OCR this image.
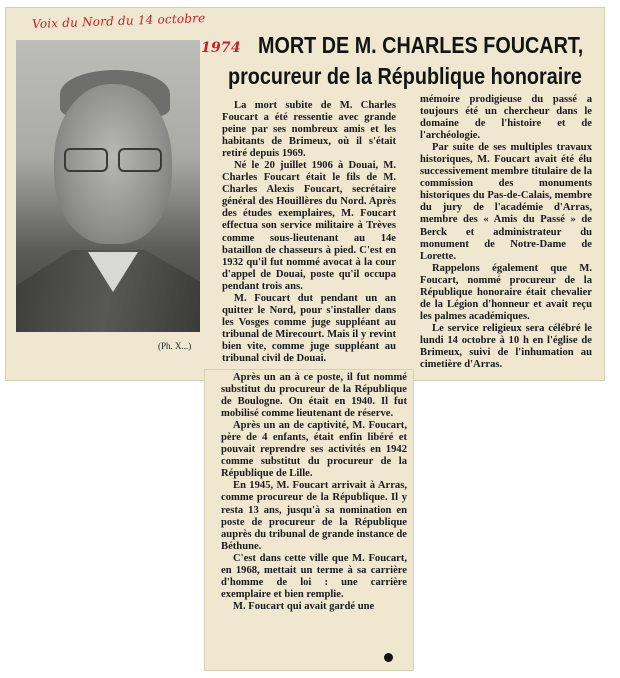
Voix du Nord du 14 octobre
1974 MORT DE M. CHARLES FOUCART,
procureur de la République honoraire
(Ph. X...)

La mort subite de M. Charles Foucart a été ressentie avec grande peine par ses nombreux amis et les habitants de Brimeux, où il s'était retiré depuis 1969.

Né le 20 juillet 1906 à Douai, M. Charles Foucart était le fils de M. Charles Alexis Foucart, secrétaire général des Houillères du Nord. Après des études exemplaires, M. Foucart effectua son service militaire à Trèves comme sous-lieutenant au 14e bataillon de chasseurs à pied. C'est en 1932 qu'il fut nommé avocat à la cour d'appel de Douai, poste qu'il occupa pendant trois ans.

M. Foucart dut pendant un an quitter le Nord, pour s'installer dans les Vosges comme juge suppléant au tribunal de Mirecourt. Mais il y revint bien vite, comme juge suppléant au tribunal civil de Douai.

Après un an à ce poste, il fut nommé substitut du procureur de la République de Boulogne. On était en 1940. Il fut mobilisé comme lieutenant de réserve.

Après un an de captivité, M. Foucart, père de 4 enfants, était enfin libéré et pouvait reprendre ses activités en 1942 comme substitut du procureur de la République de Lille.

En 1945, M. Foucart arrivait à Arras, comme procureur de la République. Il y resta 13 ans, jusqu'à sa nomination en poste de procureur de la République auprès du tribunal de grande instance de Béthune.

C'est dans cette ville que M. Foucart, en 1968, mettait un terme à sa carrière d'homme de loi : une carrière exemplaire et bien remplie.

M. Foucart qui avait gardé une

mémoire prodigieuse du passé a toujours été un chercheur dans le domaine de l'histoire et de l'archéologie.

Par suite de ses multiples travaux historiques, M. Foucart avait été élu successivement membre titulaire de la commission des monuments historiques du Pas-de-Calais, membre du jury de l'académie d'Arras, membre des « Amis du Passé » de Berck et administrateur du monument de Notre-Dame de Lorette.

Rappelons également que M. Foucart, nommé procureur de la République honoraire était chevalier de la Légion d'honneur et avait reçu les palmes académiques.

Le service religieux sera célébré le lundi 14 octobre à 10 h en l'église de Brimeux, suivi de l'inhumation au cimetière d'Arras.
